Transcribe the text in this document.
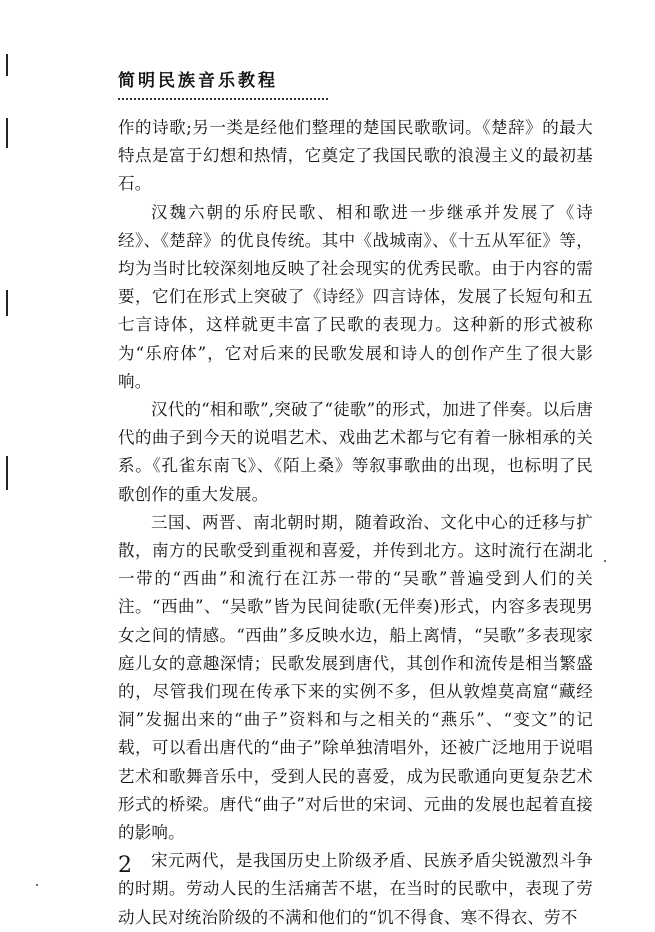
简明民族音乐教程

作的诗歌;另一类是经他们整理的楚国民歌歌词。《楚辞》的最大特点是富于幻想和热情，它奠定了我国民歌的浪漫主义的最初基石。

汉魏六朝的乐府民歌、相和歌进一步继承并发展了《诗经》、《楚辞》的优良传统。其中《战城南》、《十五从军征》等，均为当时比较深刻地反映了社会现实的优秀民歌。由于内容的需要，它们在形式上突破了《诗经》四言诗体，发展了长短句和五七言诗体，这样就更丰富了民歌的表现力。这种新的形式被称为“乐府体”，它对后来的民歌发展和诗人的创作产生了很大影响。

汉代的“相和歌”,突破了“徒歌”的形式，加进了伴奏。以后唐代的曲子到今天的说唱艺术、戏曲艺术都与它有着一脉相承的关系。《孔雀东南飞》、《陌上桑》等叙事歌曲的出现，也标明了民歌创作的重大发展。

三国、两晋、南北朝时期，随着政治、文化中心的迁移与扩散，南方的民歌受到重视和喜爱，并传到北方。这时流行在湖北一带的“西曲”和流行在江苏一带的“吴歌”普遍受到人们的关注。“西曲”、“吴歌”皆为民间徒歌(无伴奏)形式，内容多表现男女之间的情感。“西曲”多反映水边，船上离情，“吴歌”多表现家庭儿女的意趣深情；民歌发展到唐代，其创作和流传是相当繁盛的，尽管我们现在传承下来的实例不多，但从敦煌莫高窟“藏经洞”发掘出来的“曲子”资料和与之相关的“燕乐”、“变文”的记载，可以看出唐代的“曲子”除单独清唱外，还被广泛地用于说唱艺术和歌舞音乐中，受到人民的喜爱，成为民歌通向更复杂艺术形式的桥梁。唐代“曲子”对后世的宋词、元曲的发展也起着直接的影响。

宋元两代，是我国历史上阶级矛盾、民族矛盾尖锐激烈斗争的时期。劳动人民的生活痛苦不堪，在当时的民歌中，表现了劳动人民对统治阶级的不满和他们的“饥不得食、寒不得衣、劳不

2
